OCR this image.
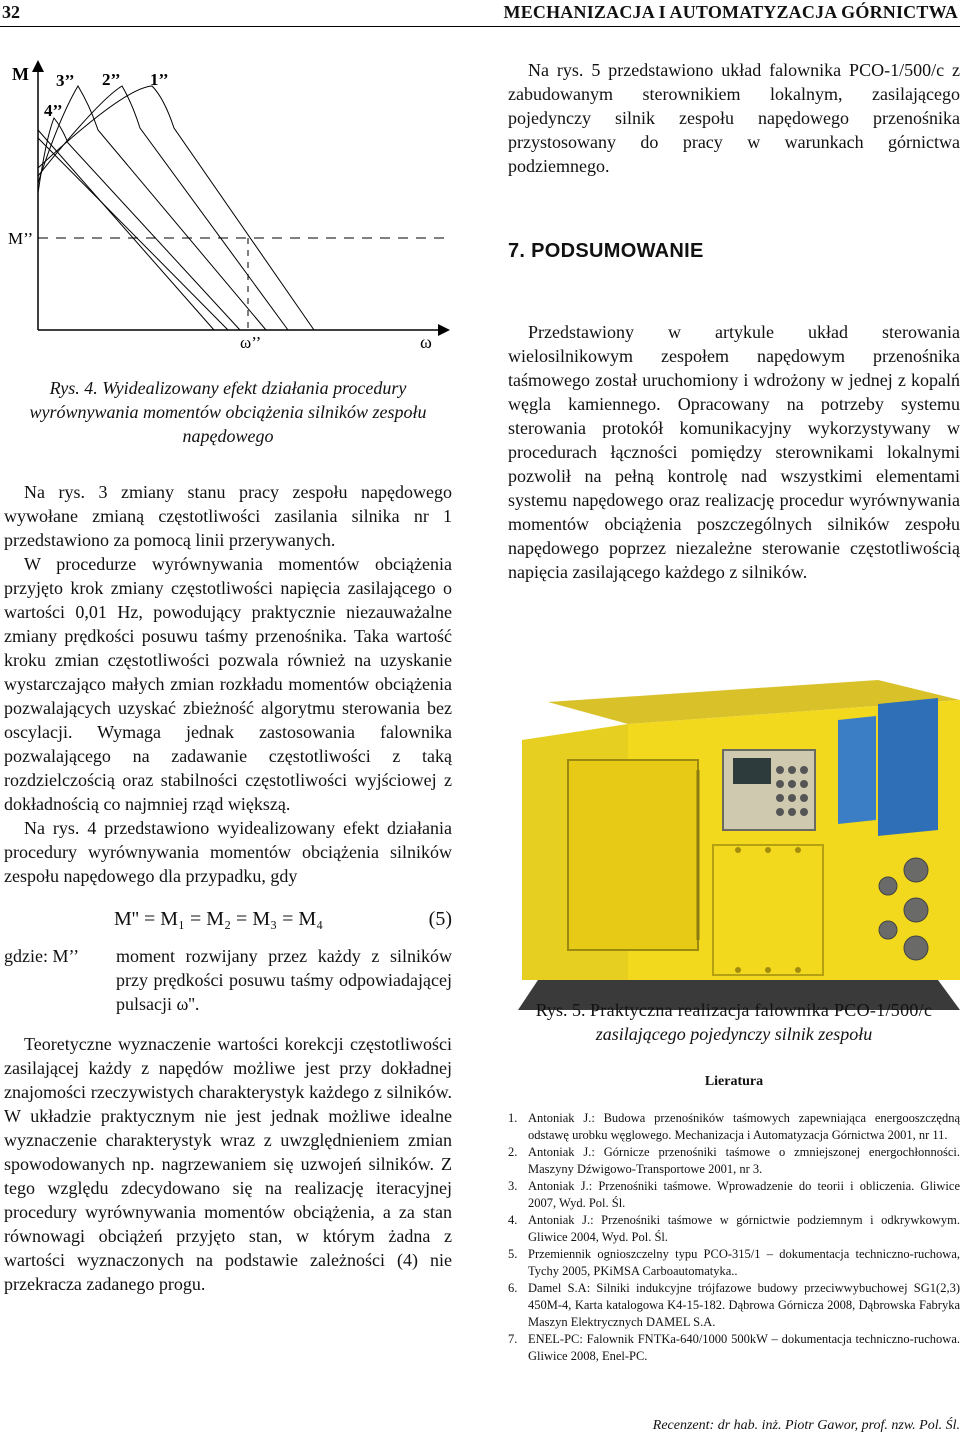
32	MECHANIZACJA I AUTOMATYZACJA GÓRNICTWA
M 3’’ 2’’ 1’’
4’’
M’’
ω’’	ω
Rys. 4. Wyidealizowany efekt działania procedury wyrównywania momentów obciążenia silników zespołu napędowego

Na rys. 3 zmiany stanu pracy zespołu napędowego wywołane zmianą częstotliwości zasilania silnika nr 1 przedstawiono za pomocą linii przerywanych.

W procedurze wyrównywania momentów obciążenia przyjęto krok zmiany częstotliwości napięcia zasilającego o wartości 0,01 Hz, powodujący praktycznie niezauważalne zmiany prędkości posuwu taśmy przenośnika. Taka wartość kroku zmian częstotliwości pozwala również na uzyskanie wystarczająco małych zmian rozkładu momentów obciążenia pozwalających uzyskać zbieżność algorytmu sterowania bez oscylacji. Wymaga jednak zastosowania falownika pozwalającego na zadawanie częstotliwości z taką rozdzielczością oraz stabilności częstotliwości wyjściowej z dokładnością co najmniej rząd większą.

Na rys. 4 przedstawiono wyidealizowany efekt działania procedury wyrównywania momentów obciążenia silników zespołu napędowego dla przypadku, gdy

M'' = M₁ = M₂ = M₃ = M₄	(5)
gdzie: M’’ moment rozwijany przez każdy z silników przy prędkości posuwu taśmy odpowiadającej pulsacji ω''.

Teoretyczne wyznaczenie wartości korekcji częstotliwości zasilającej każdy z napędów możliwe jest przy dokładnej znajomości rzeczywistych charakterystyk każdego z silników. W układzie praktycznym nie jest jednak możliwe idealne wyznaczenie charakterystyk wraz z uwzględnieniem zmian spowodowanych np. nagrzewaniem się uzwojeń silników. Z tego względu zdecydowano się na realizację iteracyjnej procedury wyrównywania momentów obciążenia, a za stan równowagi obciążeń przyjęto stan, w którym żadna z wartości wyznaczonych na podstawie zależności (4) nie przekracza zadanego progu.

Na rys. 5 przedstawiono układ falownika PCO-1/500/c z zabudowanym sterownikiem lokalnym, zasilającego pojedynczy silnik zespołu napędowego przenośnika przystosowany do pracy w warunkach górnictwa podziemnego.

7. PODSUMOWANIE

Przedstawiony w artykule układ sterowania wielosilnikowym zespołem napędowym przenośnika taśmowego został uruchomiony i wdrożony w jednej z kopalń węgla kamiennego. Opracowany na potrzeby systemu sterowania protokół komunikacyjny wykorzystywany w procedurach łączności pomiędzy sterownikami lokalnymi pozwolił na pełną kontrolę nad wszystkimi elementami systemu napędowego oraz realizację procedur wyrównywania momentów obciążenia poszczególnych silników zespołu napędowego poprzez niezależne sterowanie częstotliwością napięcia zasilającego każdego z silników.

Rys. 5. Praktyczna realizacja falownika PCO-1/500/c
zasilającego pojedynczy silnik zespołu
Lieratura
1. Antoniak J.: Budowa przenośników taśmowych zapewniająca energooszczędną odstawę urobku węglowego. Mechanizacja i Automatyzacja Górnictwa 2001, nr 11.
2. Antoniak J.: Górnicze przenośniki taśmowe o zmniejszonej energochłonności. Maszyny Dźwigowo-Transportowe 2001, nr 3.
3. Antoniak J.: Przenośniki taśmowe. Wprowadzenie do teorii i obliczenia. Gliwice 2007, Wyd. Pol. Śl.
4. Antoniak J.: Przenośniki taśmowe w górnictwie podziemnym i odkrywkowym. Gliwice 2004, Wyd. Pol. Śl.
5. Przemiennik ognioszczelny typu PCO-315/1 – dokumentacja techniczno-ruchowa, Tychy 2005, PKiMSA Carboautomatyka..
6. Damel S.A: Silniki indukcyjne trójfazowe budowy przeciwwybuchowej SG1(2,3) 450M-4, Karta katalogowa K4-15-182. Dąbrowa Górnicza 2008, Dąbrowska Fabryka Maszyn Elektrycznych DAMEL S.A.
7. ENEL-PC: Falownik FNTKa-640/1000 500kW – dokumentacja techniczno-ruchowa. Gliwice 2008, Enel-PC.
Recenzent: dr hab. inż. Piotr Gawor, prof. nzw. Pol. Śl.
